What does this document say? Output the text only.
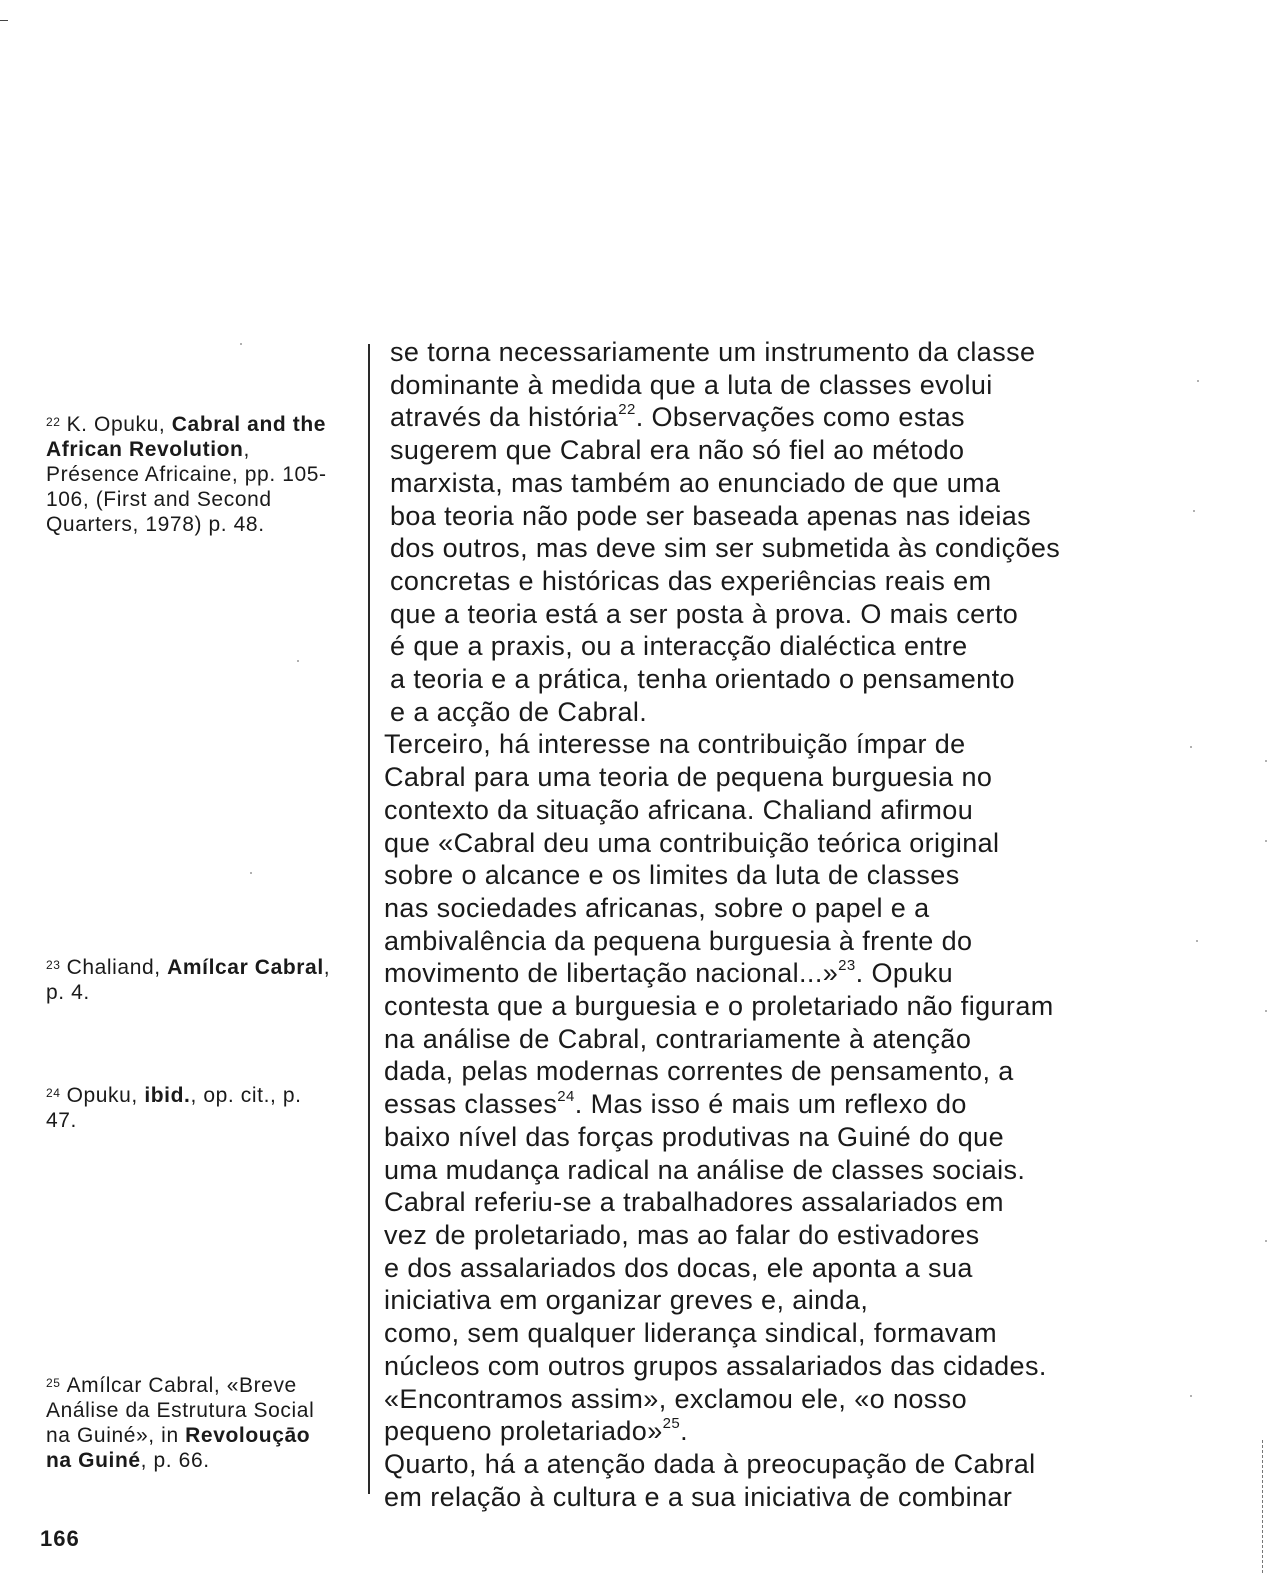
$^{22}$ K. Opuku, Cabral and the African Revolution, Présence Africaine, pp. 105-106, (First and Second Quarters, 1978) p. 48.
$^{23}$ Chaliand, Amílcar Cabral, p. 4.
$^{24}$ Opuku, ibid., op. cit., p. 47.
$^{25}$ Amílcar Cabral, «Breve Análise da Estrutura Social na Guiné», in Revolouçāo na Guiné, p. 66.
se torna necessariamente um instrumento da classe
dominante à medida que a luta de classes evolui
através da história$^{22}$. Observações como estas
sugerem que Cabral era não só fiel ao método
marxista, mas também ao enunciado de que uma
boa teoria não pode ser baseada apenas nas ideias
dos outros, mas deve sim ser submetida às condições
concretas e históricas das experiências reais em
que a teoria está a ser posta à prova. O mais certo
é que a praxis, ou a interacção dialéctica entre
a teoria e a prática, tenha orientado o pensamento
e a acção de Cabral.
Terceiro, há interesse na contribuição ímpar de
Cabral para uma teoria de pequena burguesia no
contexto da situação africana. Chaliand afirmou
que «Cabral deu uma contribuição teórica original
sobre o alcance e os limites da luta de classes
nas sociedades africanas, sobre o papel e a
ambivalência da pequena burguesia à frente do
movimento de libertação nacional...»$^{23}$. Opuku
contesta que a burguesia e o proletariado não figuram
na análise de Cabral, contrariamente à atenção
dada, pelas modernas correntes de pensamento, a
essas classes$^{24}$. Mas isso é mais um reflexo do
baixo nível das forças produtivas na Guiné do que
uma mudança radical na análise de classes sociais.
Cabral referiu-se a trabalhadores assalariados em
vez de proletariado, mas ao falar do estivadores
e dos assalariados dos docas, ele aponta a sua
iniciativa em organizar greves e, ainda,
como, sem qualquer liderança sindical, formavam
núcleos com outros grupos assalariados das cidades.
«Encontramos assim», exclamou ele, «o nosso
pequeno proletariado»$^{25}$.
Quarto, há a atenção dada à preocupação de Cabral
em relação à cultura e a sua iniciativa de combinar
166
